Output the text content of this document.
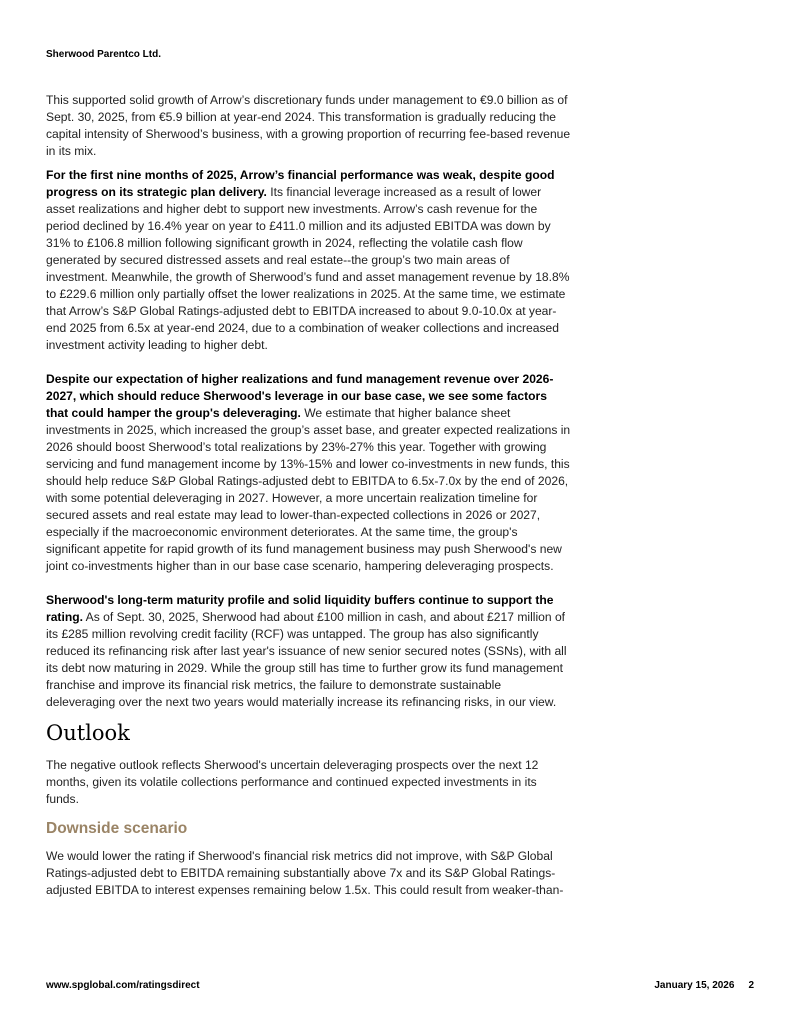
Sherwood Parentco Ltd.

This supported solid growth of Arrow’s discretionary funds under management to €9.0 billion as of Sept. 30, 2025, from €5.9 billion at year-end 2024. This transformation is gradually reducing the capital intensity of Sherwood’s business, with a growing proportion of recurring fee-based revenue in its mix.

For the first nine months of 2025, Arrow’s financial performance was weak, despite good progress on its strategic plan delivery. Its financial leverage increased as a result of lower asset realizations and higher debt to support new investments. Arrow’s cash revenue for the period declined by 16.4% year on year to £411.0 million and its adjusted EBITDA was down by 31% to £106.8 million following significant growth in 2024, reflecting the volatile cash flow generated by secured distressed assets and real estate--the group’s two main areas of investment. Meanwhile, the growth of Sherwood’s fund and asset management revenue by 18.8% to £229.6 million only partially offset the lower realizations in 2025. At the same time, we estimate that Arrow’s S&P Global Ratings-adjusted debt to EBITDA increased to about 9.0-10.0x at year-end 2025 from 6.5x at year-end 2024, due to a combination of weaker collections and increased investment activity leading to higher debt.

Despite our expectation of higher realizations and fund management revenue over 2026-2027, which should reduce Sherwood's leverage in our base case, we see some factors that could hamper the group's deleveraging. We estimate that higher balance sheet investments in 2025, which increased the group’s asset base, and greater expected realizations in 2026 should boost Sherwood’s total realizations by 23%-27% this year. Together with growing servicing and fund management income by 13%-15% and lower co-investments in new funds, this should help reduce S&P Global Ratings-adjusted debt to EBITDA to 6.5x-7.0x by the end of 2026, with some potential deleveraging in 2027. However, a more uncertain realization timeline for secured assets and real estate may lead to lower-than-expected collections in 2026 or 2027, especially if the macroeconomic environment deteriorates. At the same time, the group's significant appetite for rapid growth of its fund management business may push Sherwood's new joint co-investments higher than in our base case scenario, hampering deleveraging prospects.

Sherwood's long-term maturity profile and solid liquidity buffers continue to support the rating. As of Sept. 30, 2025, Sherwood had about £100 million in cash, and about £217 million of its £285 million revolving credit facility (RCF) was untapped. The group has also significantly reduced its refinancing risk after last year's issuance of new senior secured notes (SSNs), with all its debt now maturing in 2029. While the group still has time to further grow its fund management franchise and improve its financial risk metrics, the failure to demonstrate sustainable deleveraging over the next two years would materially increase its refinancing risks, in our view.

Outlook

The negative outlook reflects Sherwood's uncertain deleveraging prospects over the next 12 months, given its volatile collections performance and continued expected investments in its funds.

Downside scenario

We would lower the rating if Sherwood's financial risk metrics did not improve, with S&P Global Ratings-adjusted debt to EBITDA remaining substantially above 7x and its S&P Global Ratings-adjusted EBITDA to interest expenses remaining below 1.5x. This could result from weaker-than-

www.spglobal.com/ratingsdirect	January 15, 2026 2
